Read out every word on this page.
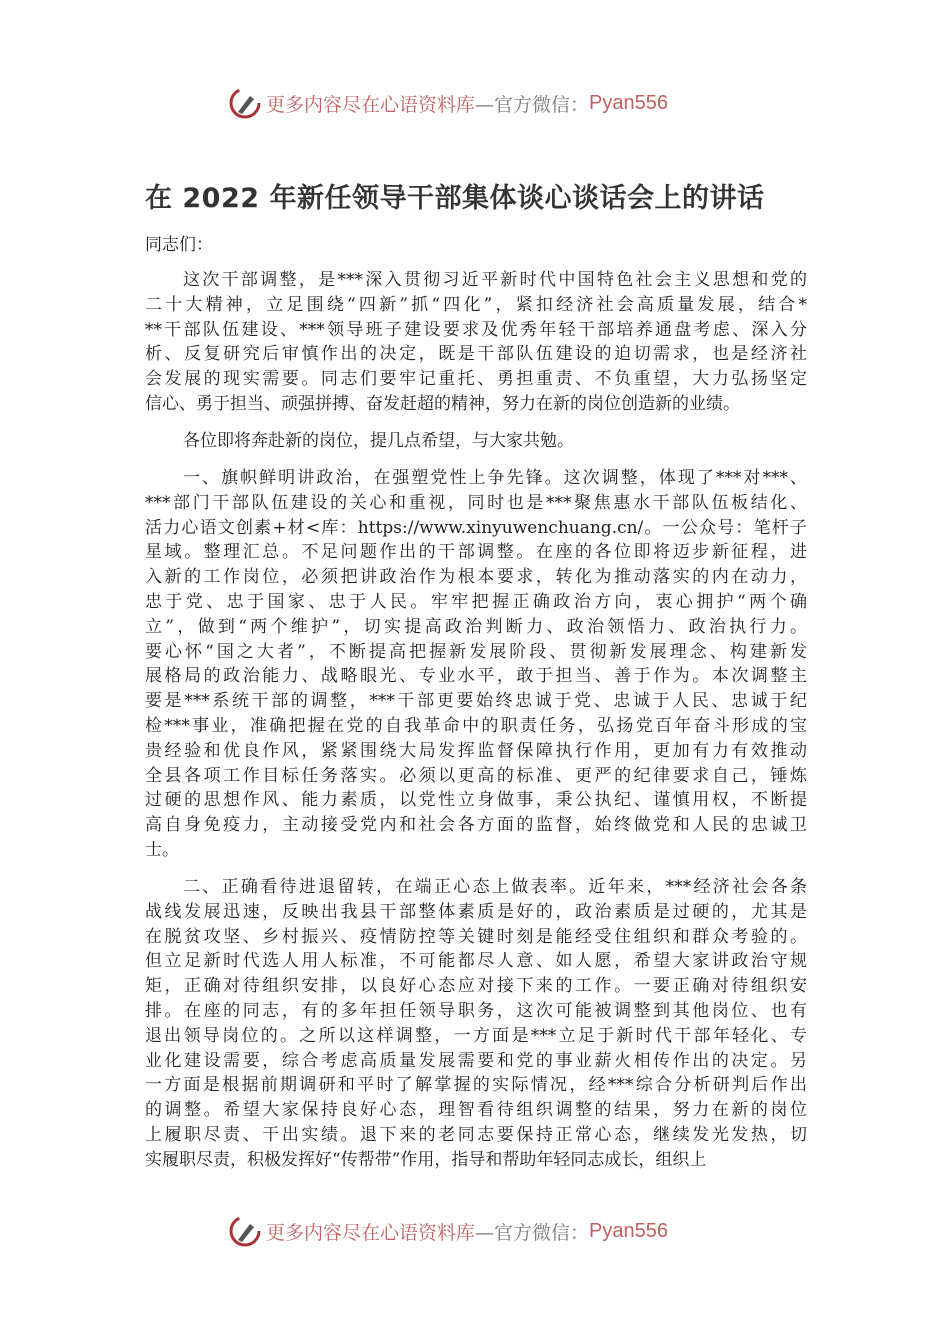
更多内容尽在心语资料库 —官方微信： Pyan556
在 2022 年新任领导干部集体谈心谈话会上的讲话
同志们：
这次干部调整，是***深入贯彻习近平新时代中国特色社会主义思想和党的
二十大精神，立足围绕“四新”抓“四化”，紧扣经济社会高质量发展，结合*
**干部队伍建设、***领导班子建设要求及优秀年轻干部培养通盘考虑、深入分
析、反复研究后审慎作出的决定，既是干部队伍建设的迫切需求，也是经济社
会发展的现实需要。同志们要牢记重托、勇担重责、不负重望，大力弘扬坚定
信心、勇于担当、顽强拼搏、奋发赶超的精神，努力在新的岗位创造新的业绩。
各位即将奔赴新的岗位，提几点希望，与大家共勉。
一、旗帜鲜明讲政治，在强塑党性上争先锋。这次调整，体现了***对***、
***部门干部队伍建设的关心和重视，同时也是***聚焦惠水干部队伍板结化、
活力心语文创素+材<库：https://www.xinyuwenchuang.cn/。一公众号：笔杆子
星域。整理汇总。不足问题作出的干部调整。在座的各位即将迈步新征程，进
入新的工作岗位，必须把讲政治作为根本要求，转化为推动落实的内在动力，
忠于党、忠于国家、忠于人民。牢牢把握正确政治方向，衷心拥护“两个确
立”，做到“两个维护”，切实提高政治判断力、政治领悟力、政治执行力。
要心怀“国之大者”，不断提高把握新发展阶段、贯彻新发展理念、构建新发
展格局的政治能力、战略眼光、专业水平，敢于担当、善于作为。本次调整主
要是***系统干部的调整，***干部更要始终忠诚于党、忠诚于人民、忠诚于纪
检***事业，准确把握在党的自我革命中的职责任务，弘扬党百年奋斗形成的宝
贵经验和优良作风，紧紧围绕大局发挥监督保障执行作用，更加有力有效推动
全县各项工作目标任务落实。必须以更高的标准、更严的纪律要求自己，锤炼
过硬的思想作风、能力素质，以党性立身做事，秉公执纪、谨慎用权，不断提
高自身免疫力，主动接受党内和社会各方面的监督，始终做党和人民的忠诚卫
士。
二、正确看待进退留转，在端正心态上做表率。近年来，***经济社会各条
战线发展迅速，反映出我县干部整体素质是好的，政治素质是过硬的，尤其是
在脱贫攻坚、乡村振兴、疫情防控等关键时刻是能经受住组织和群众考验的。
但立足新时代选人用人标准，不可能都尽人意、如人愿，希望大家讲政治守规
矩，正确对待组织安排，以良好心态应对接下来的工作。一要正确对待组织安
排。在座的同志，有的多年担任领导职务，这次可能被调整到其他岗位、也有
退出领导岗位的。之所以这样调整，一方面是***立足于新时代干部年轻化、专
业化建设需要，综合考虑高质量发展需要和党的事业薪火相传作出的决定。另
一方面是根据前期调研和平时了解掌握的实际情况，经***综合分析研判后作出
的调整。希望大家保持良好心态，理智看待组织调整的结果，努力在新的岗位
上履职尽责、干出实绩。退下来的老同志要保持正常心态，继续发光发热，切
实履职尽责，积极发挥好“传帮带”作用，指导和帮助年轻同志成长，组织上
更多内容尽在心语资料库 —官方微信： Pyan556
